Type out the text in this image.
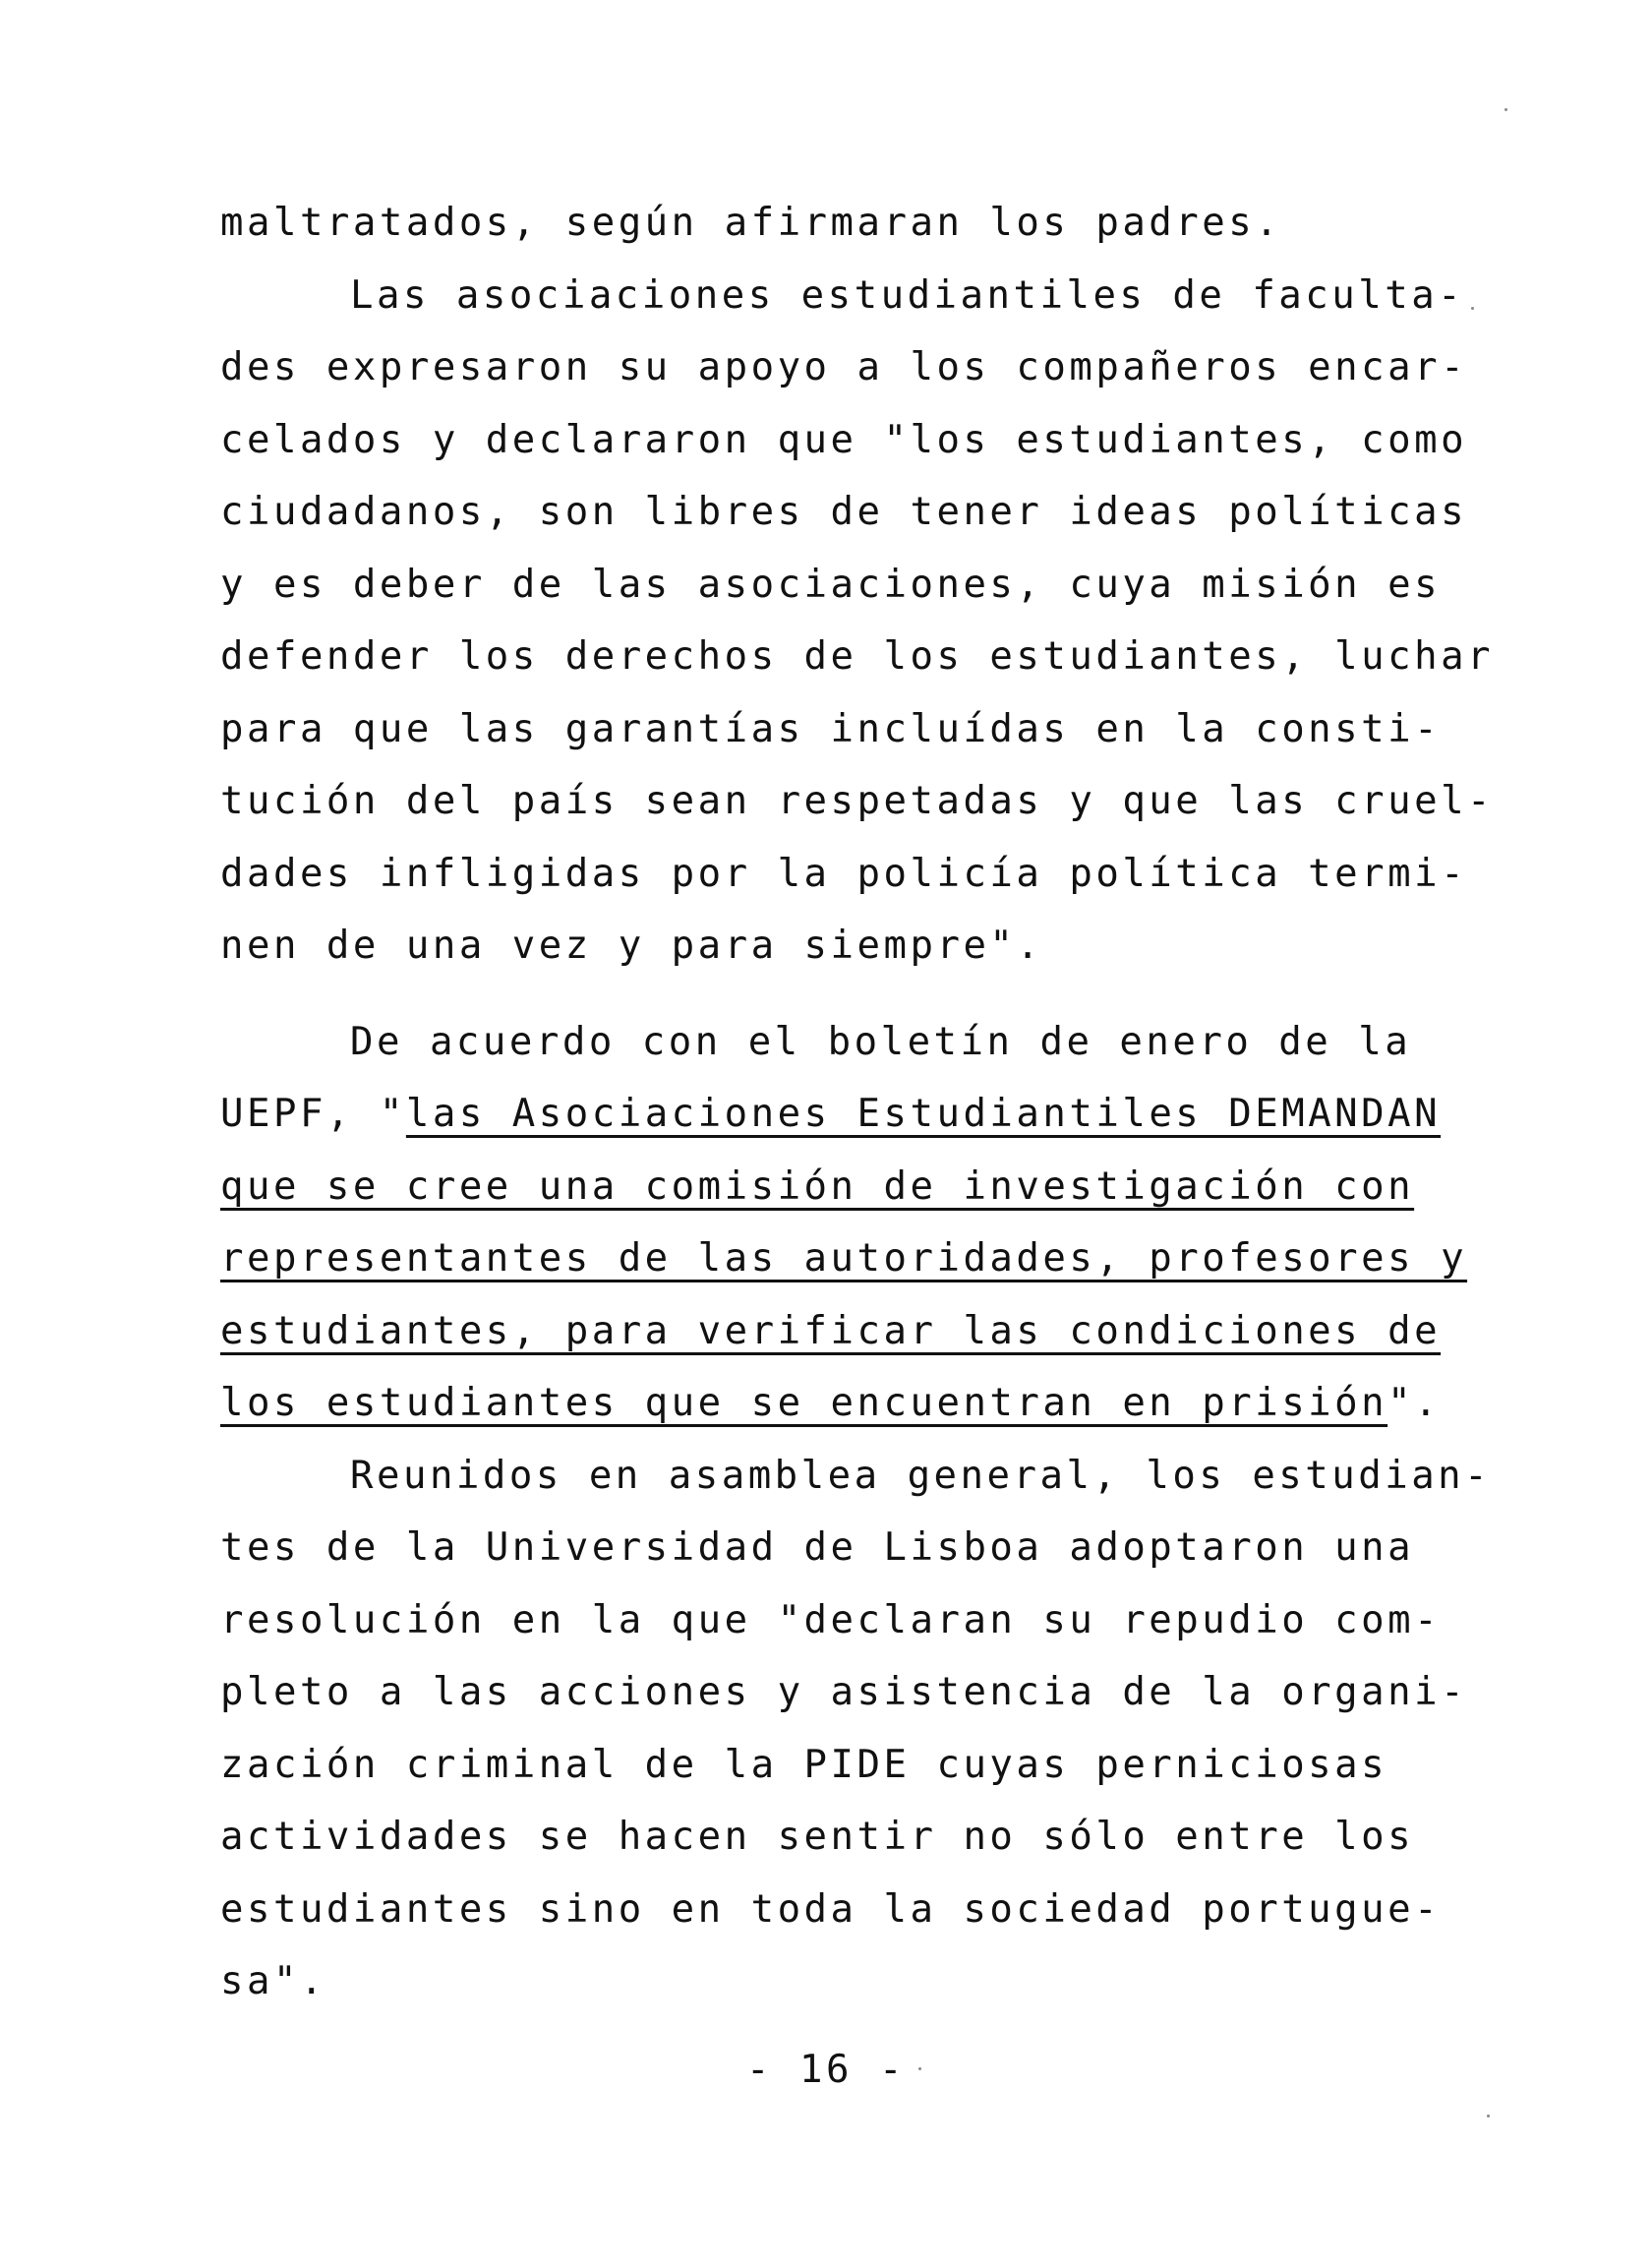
maltratados, según afirmaran los padres.
Las asociaciones estudiantiles de faculta-
des expresaron su apoyo a los compañeros encar-
celados y declararon que "los estudiantes, como
ciudadanos, son libres de tener ideas políticas
y es deber de las asociaciones, cuya misión es
defender los derechos de los estudiantes, luchar
para que las garantías incluídas en la consti-
tución del país sean respetadas y que las cruel-
dades infligidas por la policía política termi-
nen de una vez y para siempre".
De acuerdo con el boletín de enero de la
UEPF, "las Asociaciones Estudiantiles DEMANDAN
que se cree una comisión de investigación con
representantes de las autoridades, profesores y
estudiantes, para verificar las condiciones de
los estudiantes que se encuentran en prisión".
Reunidos en asamblea general, los estudian-
tes de la Universidad de Lisboa adoptaron una
resolución en la que "declaran su repudio com-
pleto a las acciones y asistencia de la organi-
zación criminal de la PIDE cuyas perniciosas
actividades se hacen sentir no sólo entre los
estudiantes sino en toda la sociedad portugue-
sa".
- 16 -
